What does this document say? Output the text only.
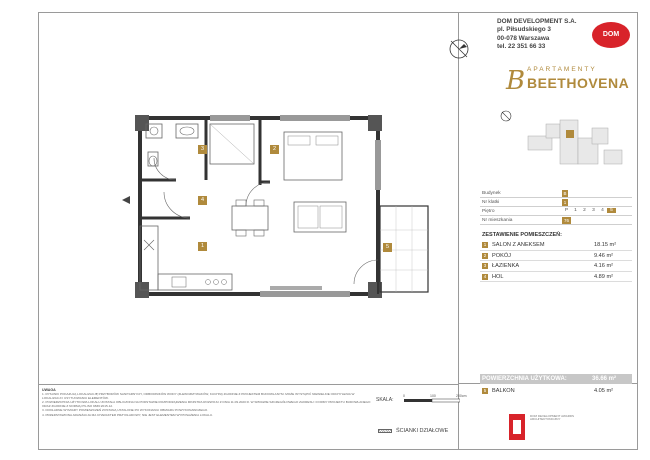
1
2
3
4
5
DOM DEVELOPMENT S.A.
pl. Piłsudskiego 3
00-078 Warszawa
tel. 22 351 66 33
DOM
B APARTAMENTY
BEETHOVENA
Budynek	B
Nr klatki	1
Piętro	P	1	2	3	4	5
Nr mieszkania	76
ZESTAWIENIE POMIESZCZEŃ:
1	SALON Z ANEKSEM	18.15 m²
2	POKÓJ	9.46 m²
3	ŁAZIENKA	4.16 m²
4	HOL	4.89 m²
POWIERZCHNIA UŻYTKOWA:	36.66 m²
5	BALKON	4.05 m²
DOM DEVELOPMENT AWARDS ARCHITEKTONICZNY
UWAGA
1. RYSUNKI POKAZUJĄ LOKALIZACJĘ PRZYBORÓW SANITARNYCH, ODBIORNIKÓW WODY (ZLEWOZMYWAKÓW, KUCHNI) ZGODNIE Z PROJEKTEM BUDOWLANYM. MOŻE WYSTĄPIĆ NIEWIELKIE ODCHYLENIA W LOKALIZACJI I USYTUOWANIU ELEMENTÓW.
2. POWIERZCHNIA UŻYTKOWA LOKALU ZOSTAŁA OBLICZONA NA PODSTAWIE ROZPORZĄDZENIA MINISTRA ROZWOJU Z DNIA 11.09.2020 R. W SPRAWIE SZCZEGÓŁOWEGO ZAKRESU I FORMY PROJEKTU BUDOWLANEGO ORAZ ZGODNIE Z NORMĄ PN-ISO 9836:2015-12.
3. DOKŁADNE WYMIARY POMIESZCZEŃ ZOSTANĄ USTALONE PO WYKONANIU OBMIARU POWYKONAWCZEGO.
4. PRZEDSTAWIONA ARANŻACJA MA CHARAKTER PRZYKŁADOWY, NIE JEST ELEMENTEM WYPOSAŻENIA LOKALU.
SKALA:
0	100	200cm
ŚCIANKI DZIAŁOWE
